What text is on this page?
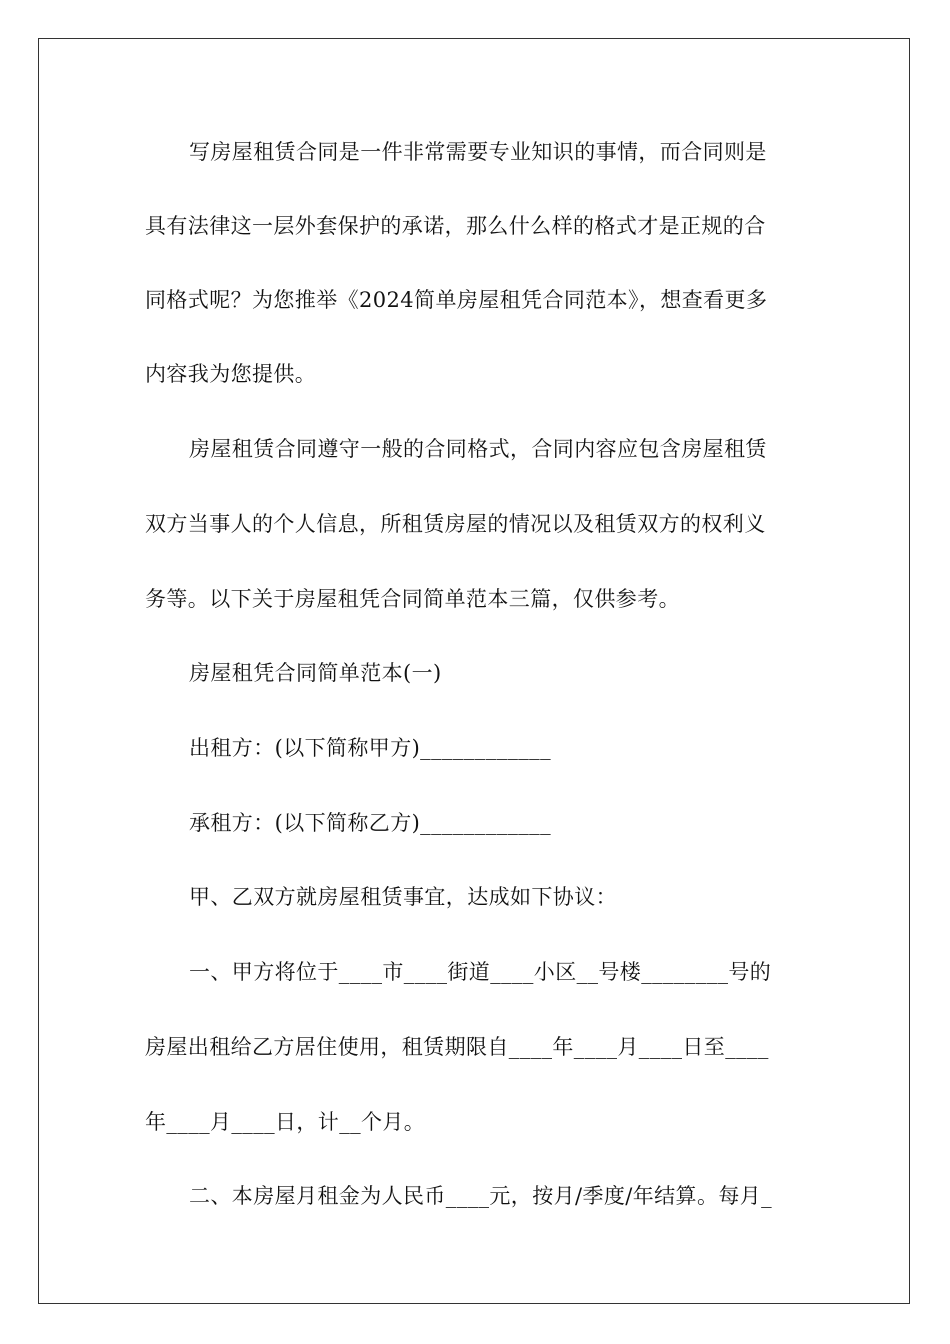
写房屋租赁合同是一件非常需要专业知识的事情，而合同则是
具有法律这一层外套保护的承诺，那么什么样的格式才是正规的合
同格式呢？为您推举《2024简单房屋租凭合同范本》，想查看更多
内容我为您提供。
房屋租赁合同遵守一般的合同格式，合同内容应包含房屋租赁
双方当事人的个人信息，所租赁房屋的情况以及租赁双方的权利义
务等。以下关于房屋租凭合同简单范本三篇，仅供参考。
房屋租凭合同简单范本(一)
出租方：(以下简称甲方)____________
承租方：(以下简称乙方)____________
甲、乙双方就房屋租赁事宜，达成如下协议：
一、甲方将位于____市____街道____小区__号楼________号的
房屋出租给乙方居住使用，租赁期限自____年____月____日至____
年____月____日，计__个月。
二、本房屋月租金为人民币____元，按月/季度/年结算。每月_
